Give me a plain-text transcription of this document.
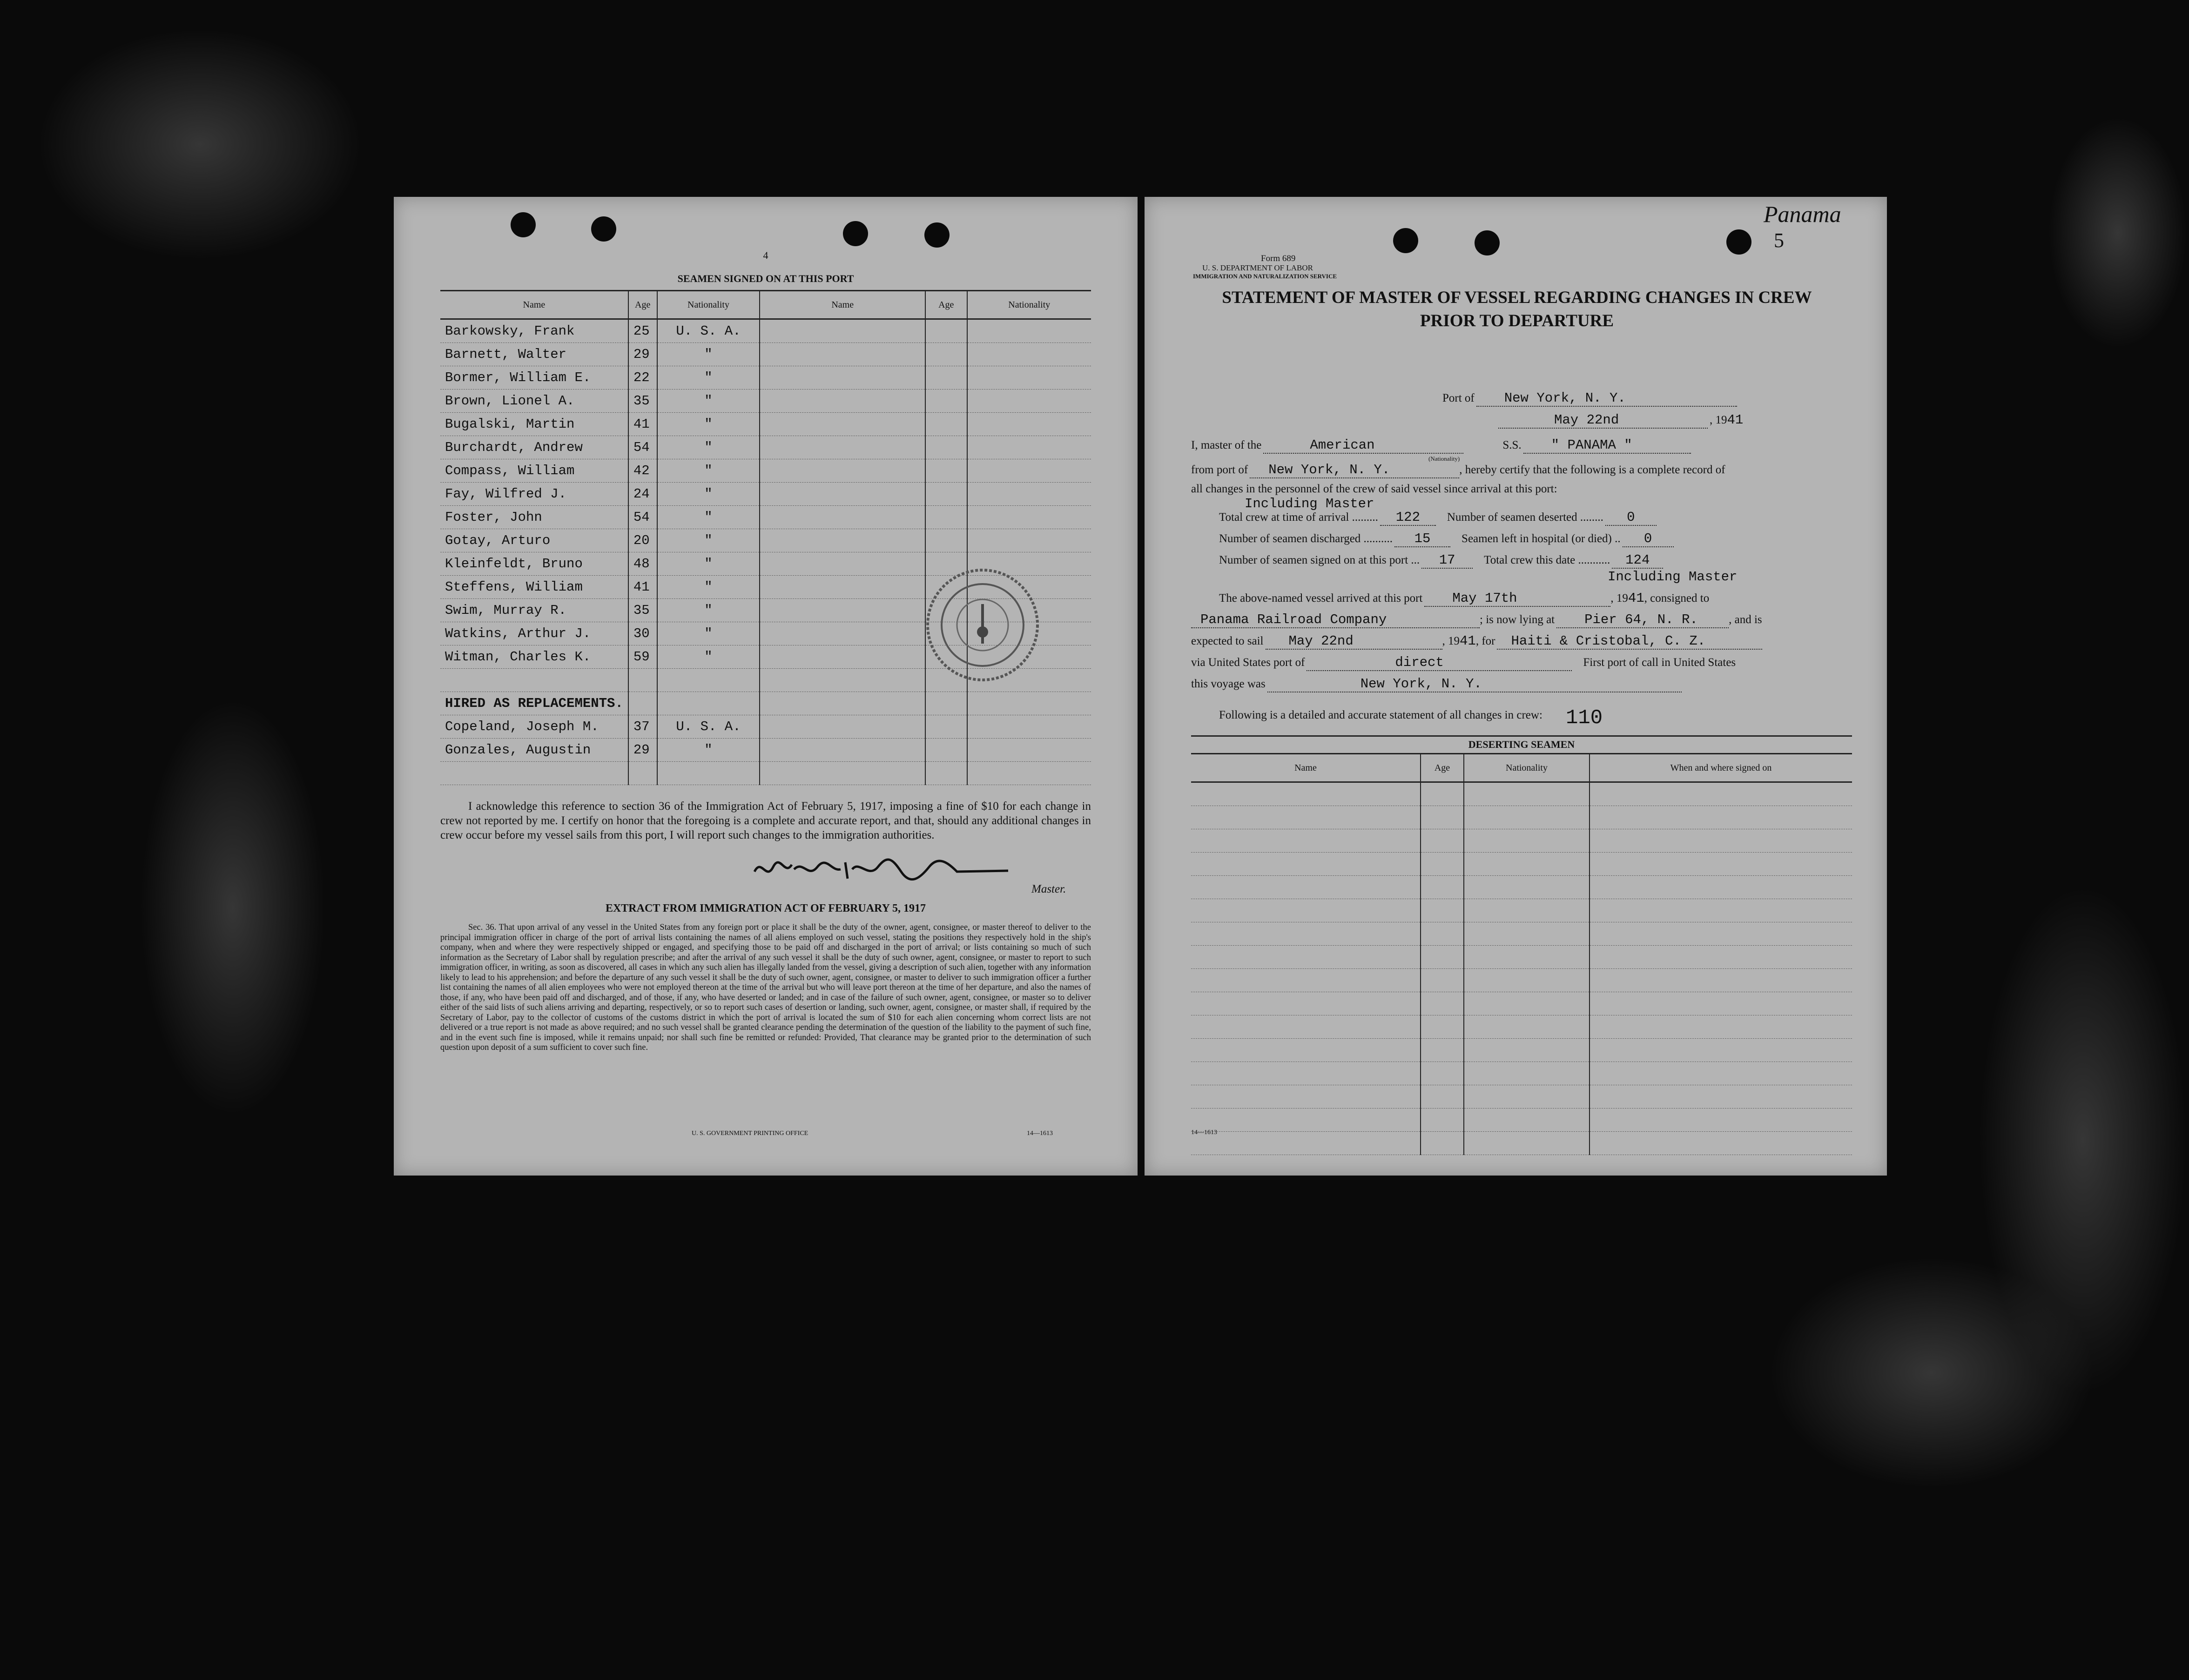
4
SEAMEN SIGNED ON AT THIS PORT
Name	Age	Nationality	Name	Age	Nationality
Barkowsky, Frank	25	U. S. A.			
Barnett, Walter	29	"			
Bormer, William E.	22	"			
Brown, Lionel A.	35	"			
Bugalski, Martin	41	"			
Burchardt, Andrew	54	"			
Compass, William	42	"			
Fay, Wilfred J.	24	"			
Foster, John	54	"			
Gotay, Arturo	20	"			
Kleinfeldt, Bruno	48	"			
Steffens, William	41	"			
Swim, Murray R.	35	"			
Watkins, Arthur J.	30	"			
Witman, Charles K.	59	"			

HIRED AS REPLACEMENTS.					
Copeland, Joseph M.	37	U. S. A.			
Gonzales, Augustin	29	"			

I acknowledge this reference to section 36 of the Immigration Act of February 5, 1917, imposing a fine of $10 for each change in crew not reported by me. I certify on honor that the foregoing is a complete and accurate report, and that, should any additional changes in crew occur before my vessel sails from this port, I will report such changes to the immigration authorities.
Master.
EXTRACT FROM IMMIGRATION ACT OF FEBRUARY 5, 1917
Sec. 36. That upon arrival of any vessel in the United States from any foreign port or place it shall be the duty of the owner, agent, consignee, or master thereof to deliver to the principal immigration officer in charge of the port of arrival lists containing the names of all aliens employed on such vessel, stating the positions they respectively hold in the ship's company, when and where they were respectively shipped or engaged, and specifying those to be paid off and discharged in the port of arrival; or lists containing so much of such information as the Secretary of Labor shall by regulation prescribe; and after the arrival of any such vessel it shall be the duty of such owner, agent, consignee, or master to report to such immigration officer, in writing, as soon as discovered, all cases in which any such alien has illegally landed from the vessel, giving a description of such alien, together with any information likely to lead to his apprehension; and before the departure of any such vessel it shall be the duty of such owner, agent, consignee, or master to deliver to such immigration officer a further list containing the names of all alien employees who were not employed thereon at the time of the arrival but who will leave port thereon at the time of her departure, and also the names of those, if any, who have been paid off and discharged, and of those, if any, who have deserted or landed; and in case of the failure of such owner, agent, consignee, or master so to deliver either of the said lists of such aliens arriving and departing, respectively, or so to report such cases of desertion or landing, such owner, agent, consignee, or master shall, if required by the Secretary of Labor, pay to the collector of customs of the customs district in which the port of arrival is located the sum of $10 for each alien concerning whom correct lists are not delivered or a true report is not made as above required; and no such vessel shall be granted clearance pending the determination of the question of the liability to the payment of such fine, and in the event such fine is imposed, while it remains unpaid; nor shall such fine be remitted or refunded: Provided, That clearance may be granted prior to the determination of such question upon deposit of a sum sufficient to cover such fine.
U. S. GOVERNMENT PRINTING OFFICE	14—1613
Panama
5
Form 689
U. S. DEPARTMENT OF LABOR
IMMIGRATION AND NATURALIZATION SERVICE
STATEMENT OF MASTER OF VESSEL REGARDING CHANGES IN CREW
PRIOR TO DEPARTURE
Port of New York, N. Y.
May 22nd	, 1941
I, master of the	American	S.S. " PANAMA "
(Nationality)
from port of New York, N. Y.	, hereby certify that the following is a complete record of
all changes in the personnel of the crew of said vessel since arrival at this port:
Including Master
Total crew at time of arrival ......... 122 Number of seamen deserted ........ 0
Number of seamen discharged .......... 15	Seamen left in hospital (or died) .. 0
Number of seamen signed on at this port ... 17 Total crew this date ........... 124
Including Master
The above-named vessel arrived at this port May 17th	, 1941, consigned to
Panama Railroad Company	; is now lying at Pier 64, N. R.	, and is
expected to sail May 22nd	, 1941, for Haiti & Cristobal, C. Z.
via United States port of	direct	First port of call in United States
this voyage was	New York, N. Y.
Following is a detailed and accurate statement of all changes in crew: 110
DESERTING SEAMEN
Name	Age	Nationality	When and where signed on

14—1613
